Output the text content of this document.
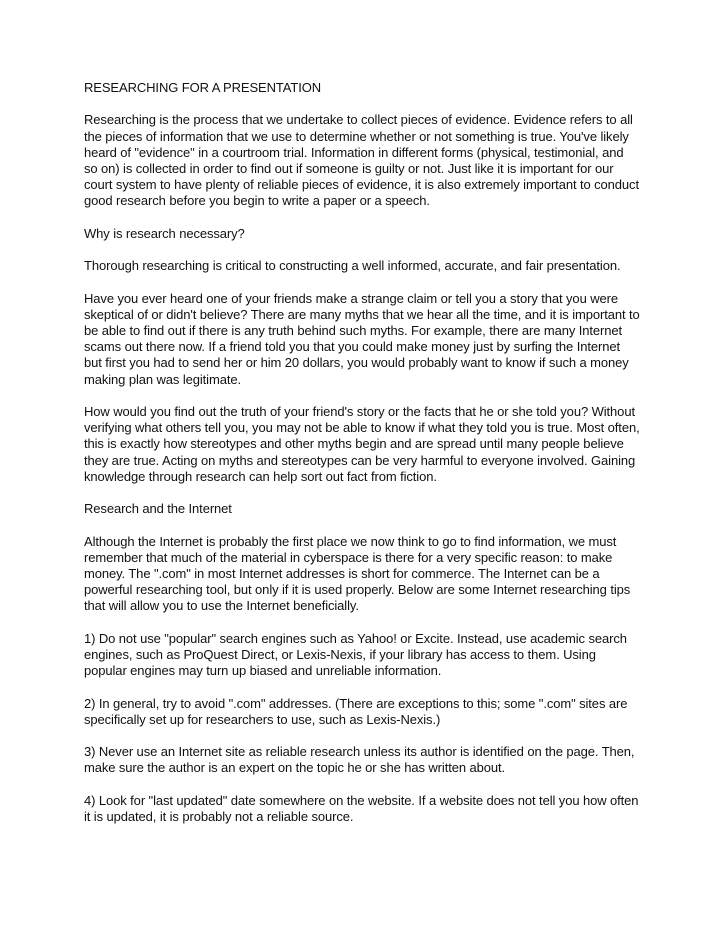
RESEARCHING FOR A PRESENTATION

Researching is the process that we undertake to collect pieces of evidence. Evidence refers to all the pieces of information that we use to determine whether or not something is true. You've likely heard of "evidence" in a courtroom trial. Information in different forms (physical, testimonial, and so on) is collected in order to find out if someone is guilty or not. Just like it is important for our court system to have plenty of reliable pieces of evidence, it is also extremely important to conduct good research before you begin to write a paper or a speech.

Why is research necessary?

Thorough researching is critical to constructing a well informed, accurate, and fair presentation.

Have you ever heard one of your friends make a strange claim or tell you a story that you were skeptical of or didn't believe? There are many myths that we hear all the time, and it is important to be able to find out if there is any truth behind such myths. For example, there are many Internet scams out there now. If a friend told you that you could make money just by surfing the Internet but first you had to send her or him 20 dollars, you would probably want to know if such a money making plan was legitimate.

How would you find out the truth of your friend's story or the facts that he or she told you? Without verifying what others tell you, you may not be able to know if what they told you is true. Most often, this is exactly how stereotypes and other myths begin and are spread until many people believe they are true. Acting on myths and stereotypes can be very harmful to everyone involved. Gaining knowledge through research can help sort out fact from fiction.

Research and the Internet

Although the Internet is probably the first place we now think to go to find information, we must remember that much of the material in cyberspace is there for a very specific reason: to make money. The ".com" in most Internet addresses is short for commerce. The Internet can be a powerful researching tool, but only if it is used properly. Below are some Internet researching tips that will allow you to use the Internet beneficially.

1) Do not use "popular" search engines such as Yahoo! or Excite. Instead, use academic search engines, such as ProQuest Direct, or Lexis-Nexis, if your library has access to them. Using popular engines may turn up biased and unreliable information.

2) In general, try to avoid ".com" addresses. (There are exceptions to this; some ".com" sites are specifically set up for researchers to use, such as Lexis-Nexis.)

3) Never use an Internet site as reliable research unless its author is identified on the page. Then, make sure the author is an expert on the topic he or she has written about.

4) Look for "last updated" date somewhere on the website. If a website does not tell you how often it is updated, it is probably not a reliable source.
